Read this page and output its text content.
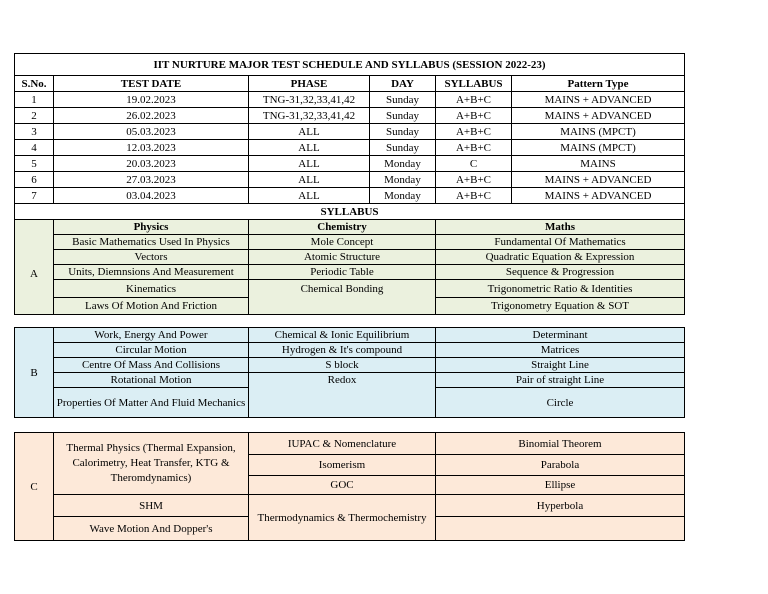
IIT NURTURE MAJOR TEST SCHEDULE AND SYLLABUS (SESSION 2022-23)					
S.No.	TEST DATE	PHASE	DAY	SYLLABUS	Pattern Type
1	19.02.2023	TNG-31,32,33,41,42	Sunday	A+B+C	MAINS + ADVANCED
2	26.02.2023	TNG-31,32,33,41,42	Sunday	A+B+C	MAINS + ADVANCED
3	05.03.2023	ALL	Sunday	A+B+C	MAINS (MPCT)
4	12.03.2023	ALL	Sunday	A+B+C	MAINS (MPCT)
5	20.03.2023	ALL	Monday	C	MAINS
6	27.03.2023	ALL	Monday	A+B+C	MAINS + ADVANCED
7	03.04.2023	ALL	Monday	A+B+C	MAINS + ADVANCED
SYLLABUS			
	Physics	Chemistry	Maths
A	Basic Mathematics Used In Physics	Mole Concept	Fundamental Of Mathematics
	Vectors	Atomic Structure	Quadratic Equation & Expression
	Units, Diemnsions And Measurement	Periodic Table	Sequence & Progression
	Kinematics	Chemical Bonding	Trigonometric Ratio & Identities
	Laws Of Motion And Friction		Trigonometry Equation & SOT

B	Work, Energy And Power	Chemical & Ionic Equilibrium	Determinant
	Circular Motion	Hydrogen & It's compound	Matrices
	Centre Of Mass And Collisions	S block	Straight Line
	Rotational Motion	Redox	Pair of straight Line
	Properties Of Matter And Fluid Mechanics		Circle

C	Thermal Physics (Thermal Expansion, Calorimetry, Heat Transfer, KTG & Theromdynamics)	IUPAC & Nomenclature	Binomial Theorem
		Isomerism	Parabola
		GOC	Ellipse
	SHM	Thermodynamics & Thermochemistry	Hyperbola
	Wave Motion And Dopper's		
